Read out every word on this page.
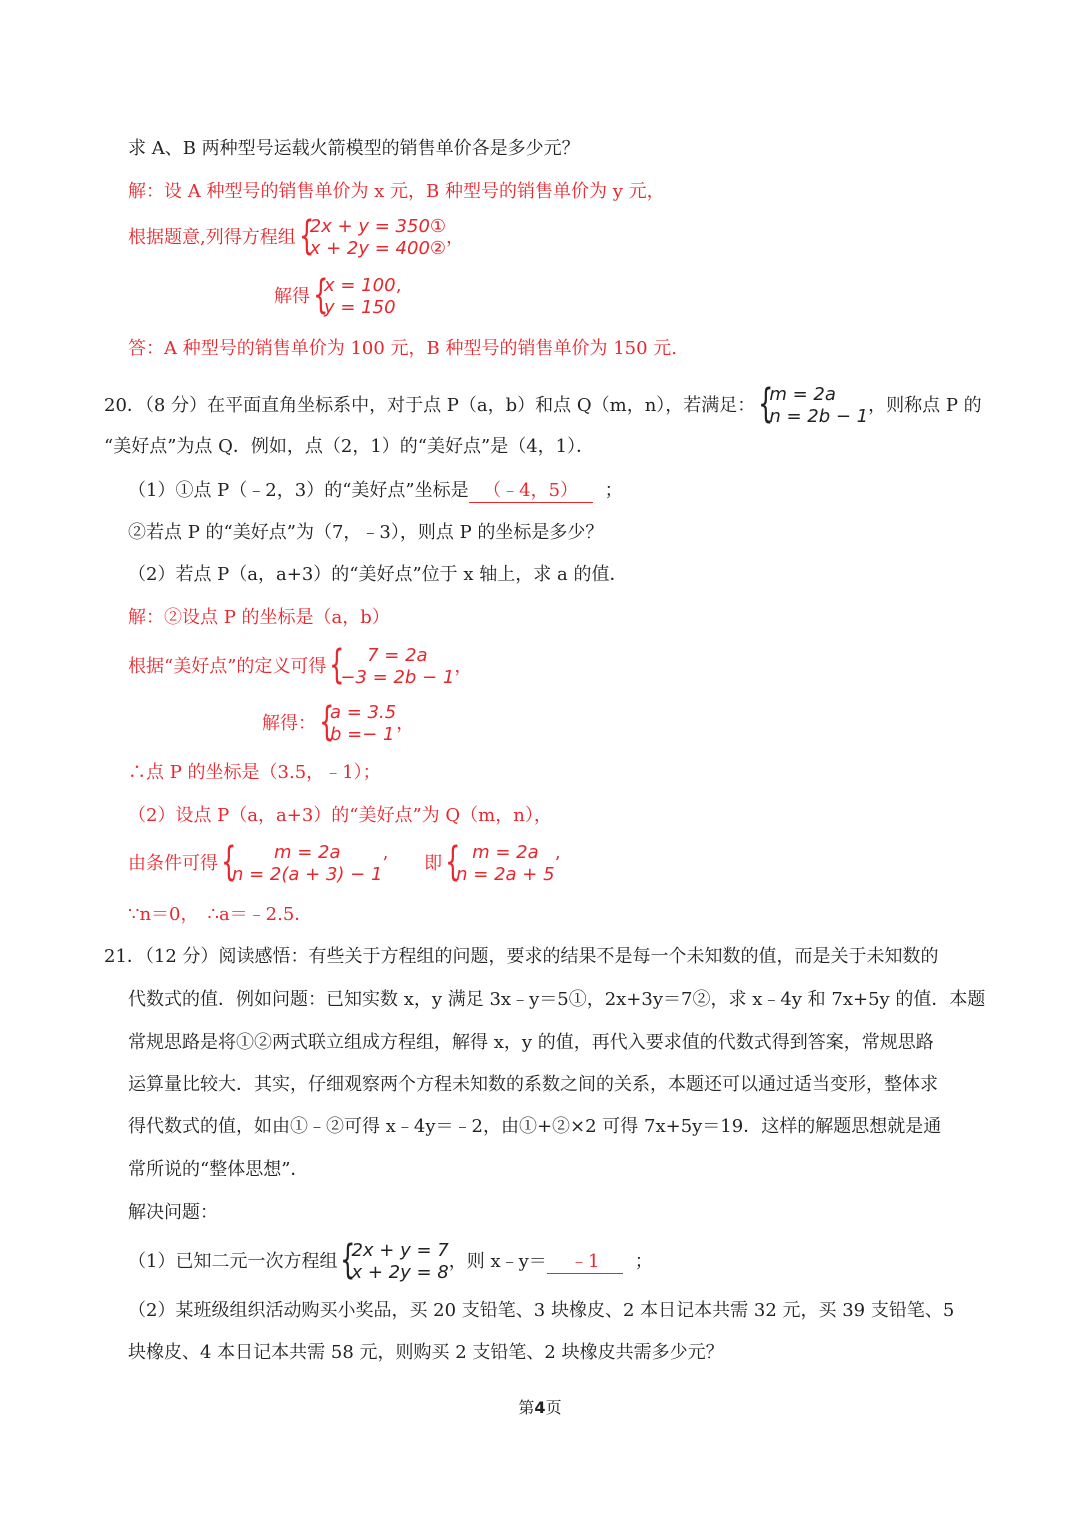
求 A、B 两种型号运载火箭模型的销售单价各是多少元？
解：设 A 种型号的销售单价为 x 元，B 种型号的销售单价为 y 元，
根据题意,列得方程组
{ 2x + y = 350①
x + 2y = 400②
，
解得
{ x = 100
y = 150
’
答：A 种型号的销售单价为 100 元，B 种型号的销售单价为 150 元.
20．（8 分）在平面直角坐标系中，对于点 P（a，b）和点 Q（m，n），若满足：
{ m = 2a
n = 2b − 1
，则称点 P 的
“美好点”为点 Q．例如，点（2，1）的“美好点”是（4，1）．
（1）①点 P（﹣2，3）的“美好点”坐标是 （﹣4，5） ；
②若点 P 的“美好点”为（7，﹣3），则点 P 的坐标是多少？
（2）若点 P（a，a+3）的“美好点”位于 x 轴上，求 a 的值．
解：②设点 P 的坐标是（a，b）
根据“美好点”的定义可得
{ 7 = 2a
−3 = 2b − 1
，
解得：
{ a = 3.5
b =− 1
，
∴点 P 的坐标是（3.5，﹣1）；
（2）设点 P（a，a+3）的“美好点”为 Q（m，n），
由条件可得
{ m = 2a
n = 2(a + 3) − 1
’　　即
{ m = 2a
n = 2a + 5
’
∵n＝0，　∴a＝﹣2.5．
21．（12 分）阅读感悟：有些关于方程组的问题，要求的结果不是每一个未知数的值，而是关于未知数的
代数式的值．例如问题：已知实数 x，y 满足 3x﹣y＝5①，2x+3y＝7②，求 x﹣4y 和 7x+5y 的值．本题
常规思路是将①②两式联立组成方程组，解得 x，y 的值，再代入要求值的代数式得到答案，常规思路
运算量比较大．其实，仔细观察两个方程未知数的系数之间的关系，本题还可以通过适当变形，整体求
得代数式的值，如由①﹣②可得 x﹣4y＝﹣2，由①+②×2 可得 7x+5y＝19．这样的解题思想就是通
常所说的“整体思想”．
解决问题：
（1）已知二元一次方程组
{ 2x + y = 7
x + 2y = 8
，则 x﹣y＝ ﹣1 ；
（2）某班级组织活动购买小奖品，买 20 支铅笔、3 块橡皮、2 本日记本共需 32 元，买 39 支铅笔、5
块橡皮、4 本日记本共需 58 元，则购买 2 支铅笔、2 块橡皮共需多少元？
第4页
